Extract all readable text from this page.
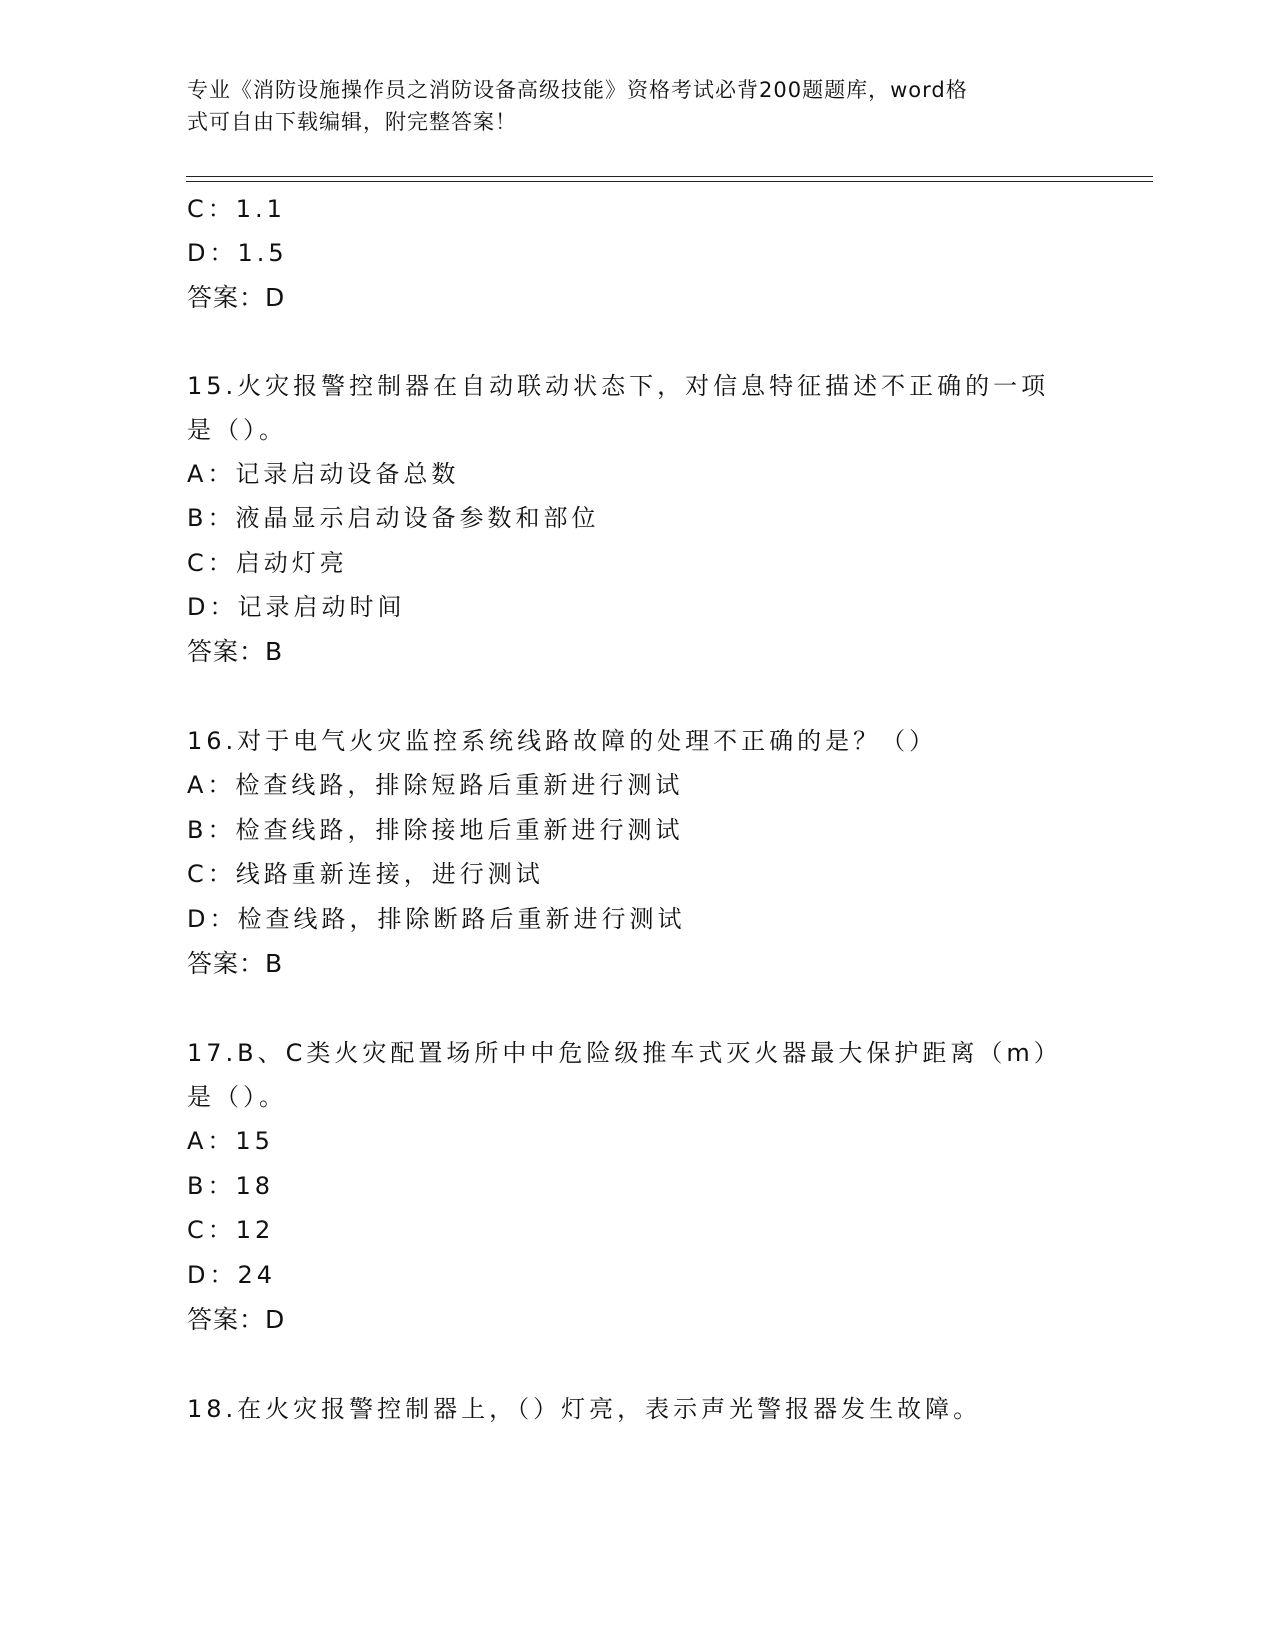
专业《消防设施操作员之消防设备高级技能》资格考试必背200题题库，word格
式可自由下载编辑，附完整答案！
C：1.1
D：1.5
答案：D
15.火灾报警控制器在自动联动状态下，对信息特征描述不正确的一项
是（）。
A：记录启动设备总数
B：液晶显示启动设备参数和部位
C：启动灯亮
D：记录启动时间
答案：B
16.对于电气火灾监控系统线路故障的处理不正确的是？（）
A：检查线路，排除短路后重新进行测试
B：检查线路，排除接地后重新进行测试
C：线路重新连接，进行测试
D：检查线路，排除断路后重新进行测试
答案：B
17.B、C类火灾配置场所中中危险级推车式灭火器最大保护距离（m）
是（）。
A：15
B：18
C：12
D：24
答案：D
18.在火灾报警控制器上，（）灯亮，表示声光警报器发生故障。
